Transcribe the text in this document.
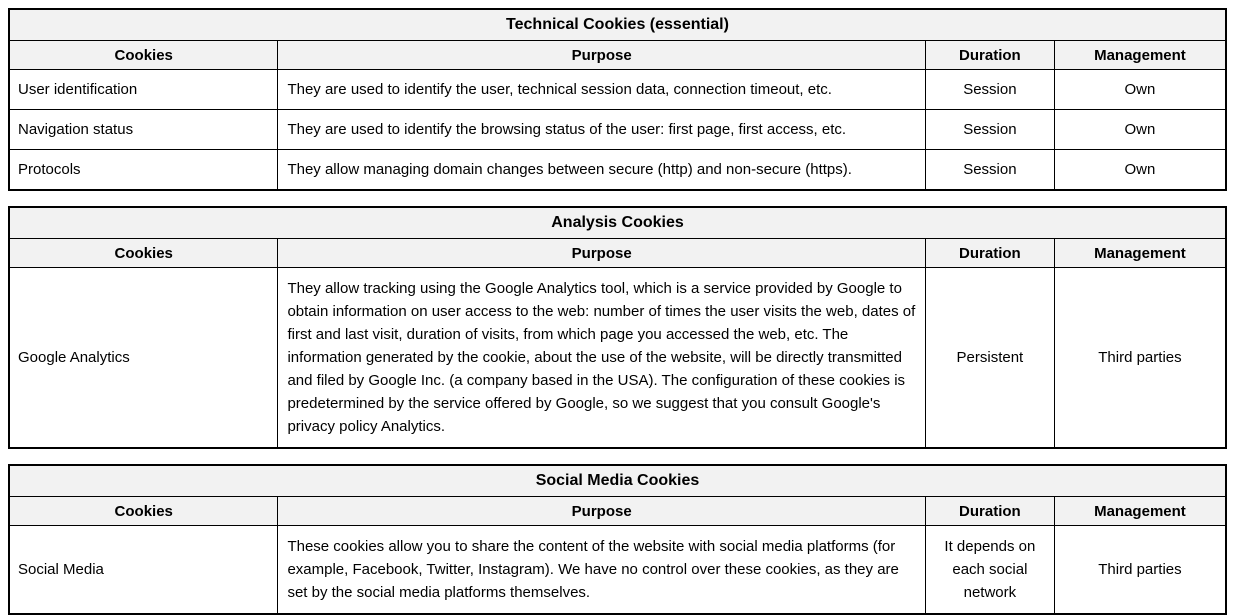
Technical Cookies (essential)			
Cookies	Purpose	Duration	Management
User identification	They are used to identify the user, technical session data, connection timeout, etc.	Session	Own
Navigation status	They are used to identify the browsing status of the user: first page, first access, etc.	Session	Own
Protocols	They allow managing domain changes between secure (http) and non-secure (https).	Session	Own
Analysis Cookies			
Cookies	Purpose	Duration	Management
Google Analytics	They allow tracking using the Google Analytics tool, which is a service provided by Google to obtain information on user access to the web: number of times the user visits the web, dates of first and last visit, duration of visits, from which page you accessed the web, etc. The information generated by the cookie, about the use of the website, will be directly transmitted and filed by Google Inc. (a company based in the USA). The configuration of these cookies is predetermined by the service offered by Google, so we suggest that you consult Google's privacy policy Analytics.	Persistent	Third parties
Social Media Cookies			
Cookies	Purpose	Duration	Management
Social Media	These cookies allow you to share the content of the website with social media platforms (for example, Facebook, Twitter, Instagram). We have no control over these cookies, as they are set by the social media platforms themselves.	It depends on each social network	Third parties
